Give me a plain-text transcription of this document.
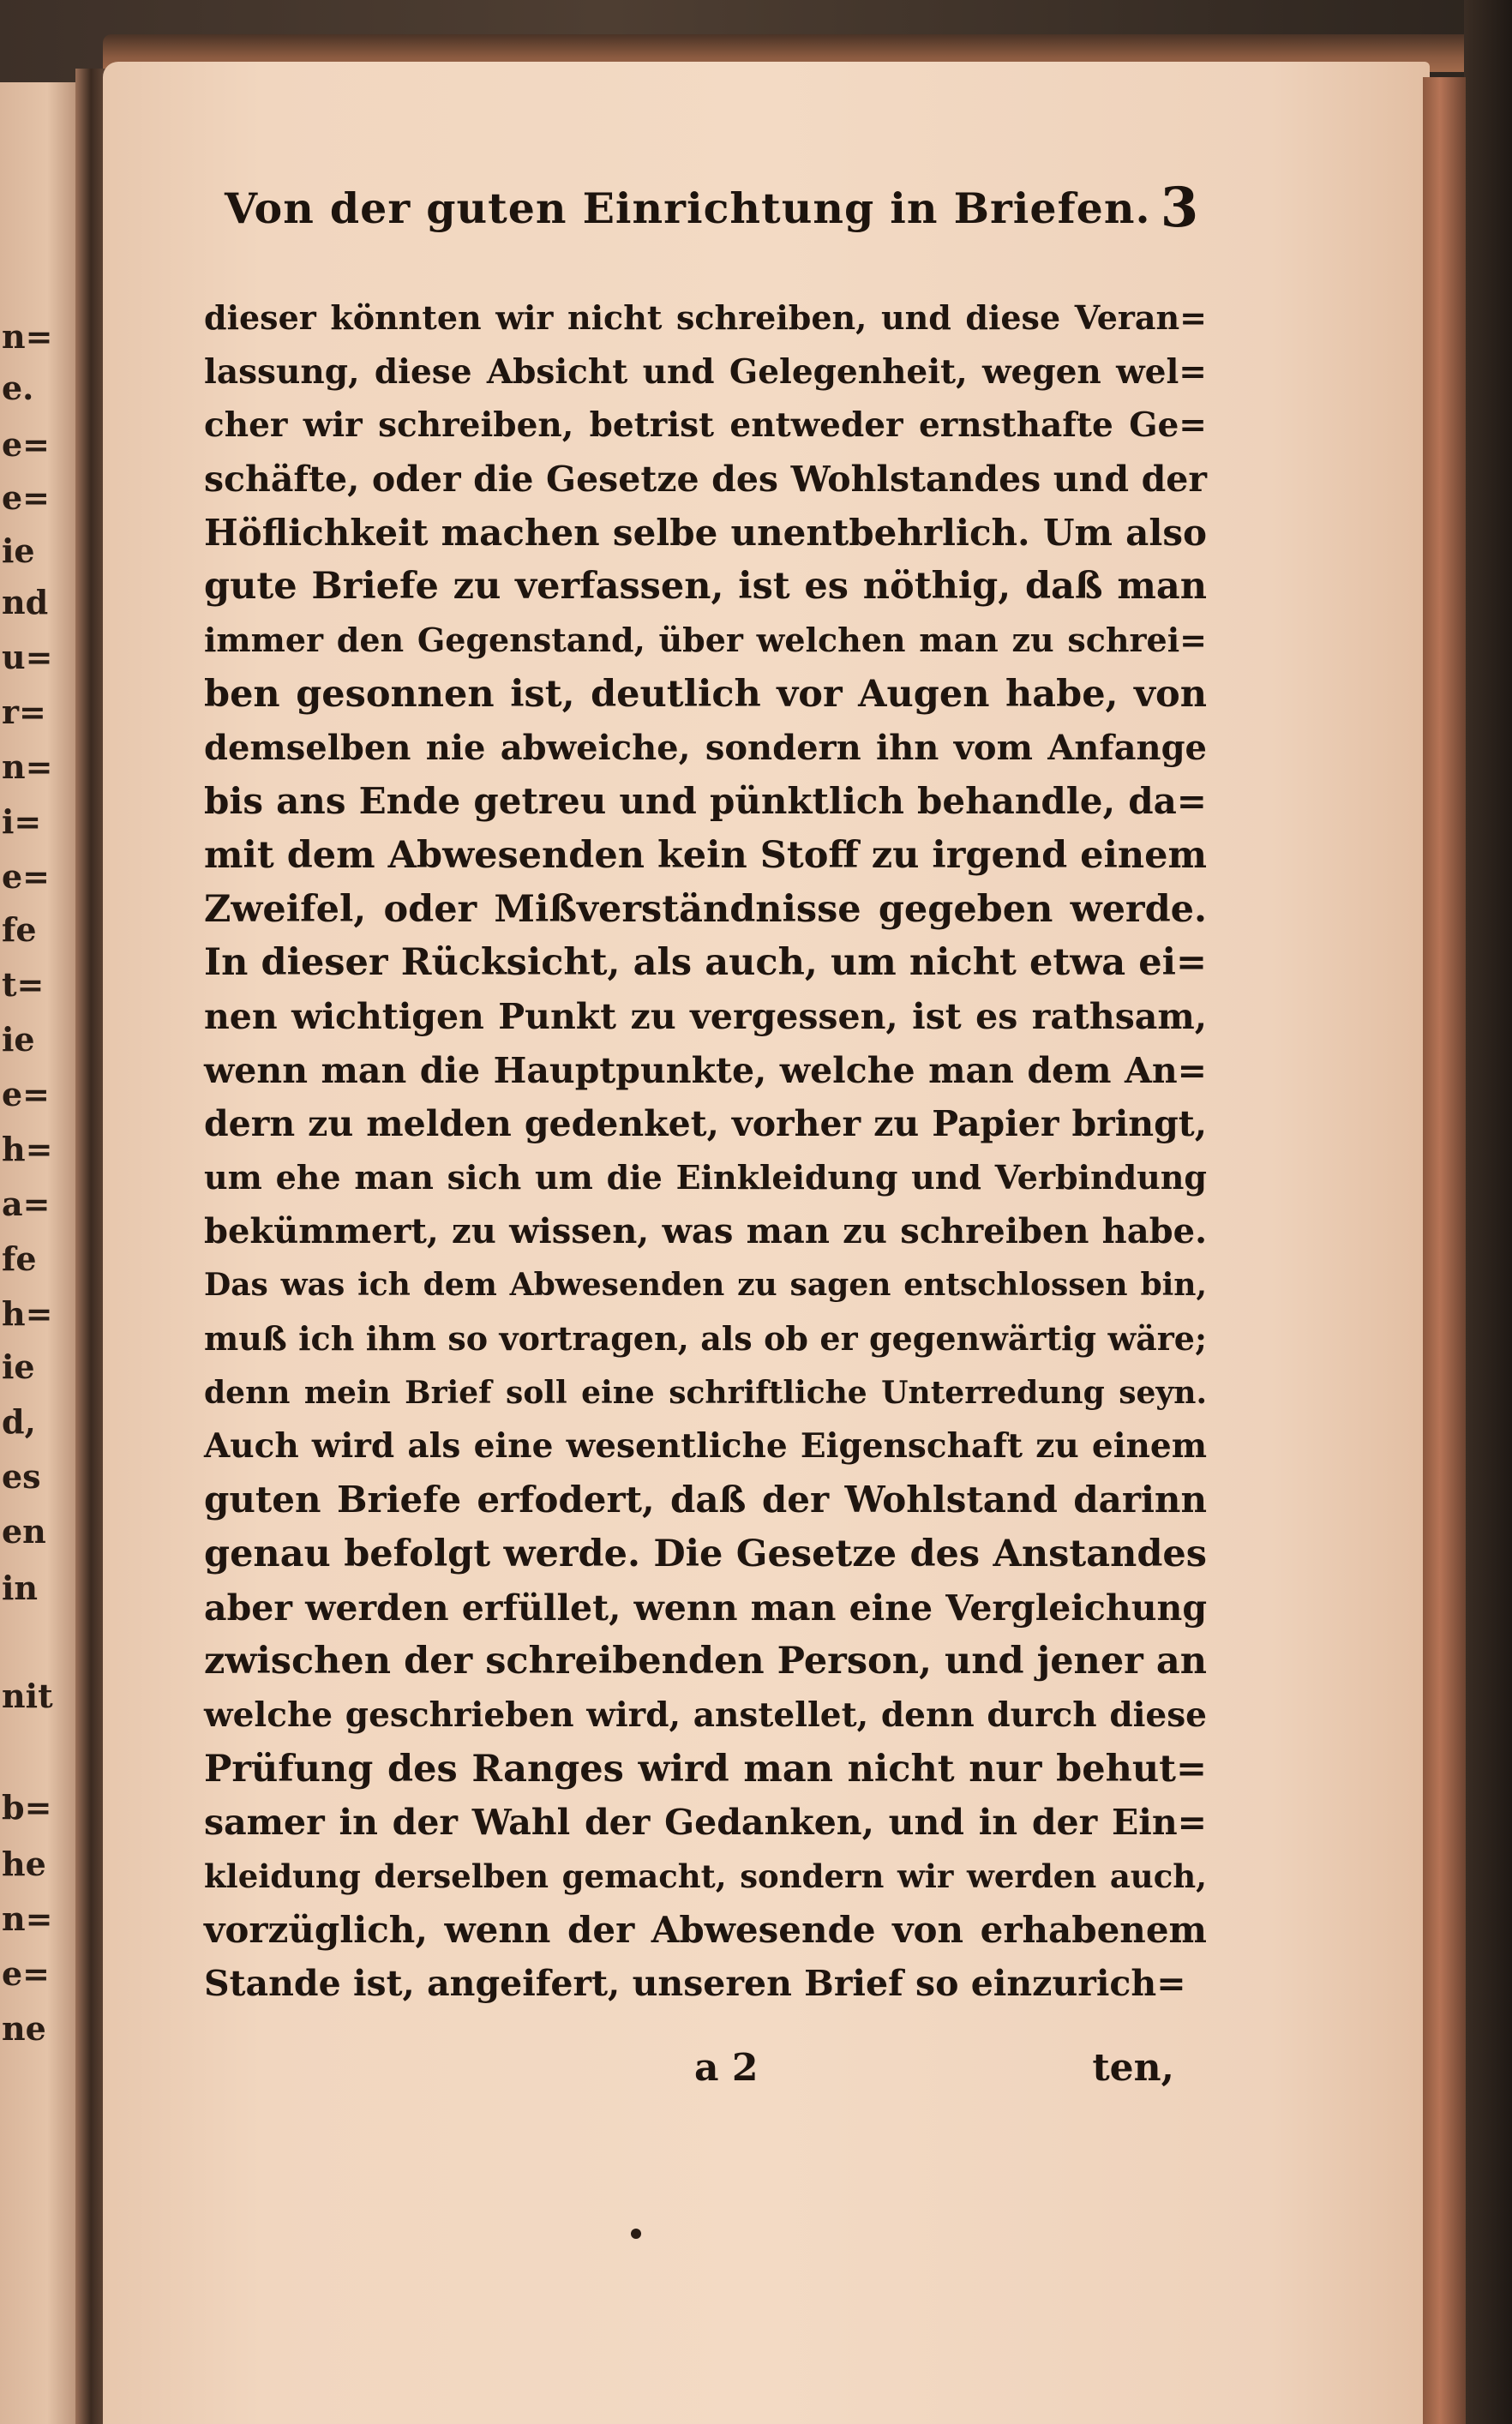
n=
e.
e=
e=
ie
nd
u=
r=
n=
i=
e=
fe
t=
ie
e=
h=
a=
fe
h=
ie
d,
es
en
in
nit
b=
he
n=
e=
ne
Von der guten Einrichtung in Briefen. 3
dieser könnten wir nicht schreiben, und diese Veran=
lassung, diese Absicht und Gelegenheit, wegen wel=
cher wir schreiben, betrist entweder ernsthafte Ge=
schäfte, oder die Gesetze des Wohlstandes und der
Höflichkeit machen selbe unentbehrlich. Um also
gute Briefe zu verfassen, ist es nöthig, daß man
immer den Gegenstand, über welchen man zu schrei=
ben gesonnen ist, deutlich vor Augen habe, von
demselben nie abweiche, sondern ihn vom Anfange
bis ans Ende getreu und pünktlich behandle, da=
mit dem Abwesenden kein Stoff zu irgend einem
Zweifel, oder Mißverständnisse gegeben werde.
In dieser Rücksicht, als auch, um nicht etwa ei=
nen wichtigen Punkt zu vergessen, ist es rathsam,
wenn man die Hauptpunkte, welche man dem An=
dern zu melden gedenket, vorher zu Papier bringt,
um ehe man sich um die Einkleidung und Verbindung
bekümmert, zu wissen, was man zu schreiben habe.
Das was ich dem Abwesenden zu sagen entschlossen bin,
muß ich ihm so vortragen, als ob er gegenwärtig wäre;
denn mein Brief soll eine schriftliche Unterredung seyn.
Auch wird als eine wesentliche Eigenschaft zu einem
guten Briefe erfodert, daß der Wohlstand darinn
genau befolgt werde. Die Gesetze des Anstandes
aber werden erfüllet, wenn man eine Vergleichung
zwischen der schreibenden Person, und jener an
welche geschrieben wird, anstellet, denn durch diese
Prüfung des Ranges wird man nicht nur behut=
samer in der Wahl der Gedanken, und in der Ein=
kleidung derselben gemacht, sondern wir werden auch,
vorzüglich, wenn der Abwesende von erhabenem
Stande ist, angeifert, unseren Brief so einzurich=
a 2	ten,
